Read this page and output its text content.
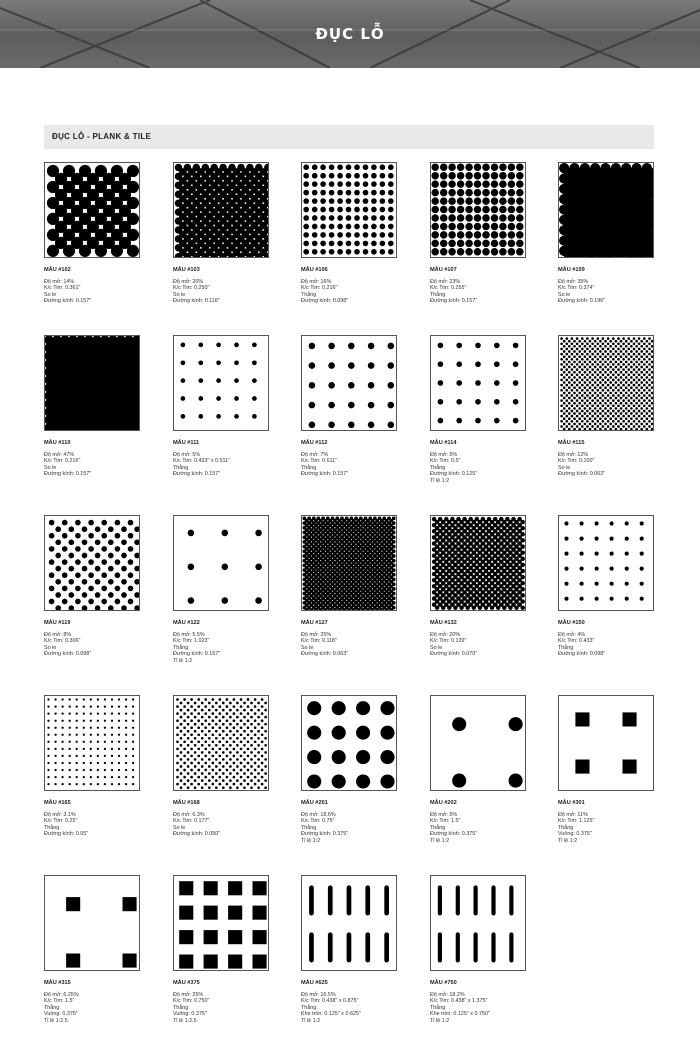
ĐỤC LỖ
ĐỤC LỖ - PLANK & TILE
MẪU #102
Độ mở: 14%
K/c Tim: 0.361"
So le
Đường kính: 0.157"
MẪU #103
Độ mở: 20%
K/c Tim: 0.250"
So le
Đường kính: 0.118"
MẪU #106
Độ mở: 16%
K/c Tim: 0.216"
Thẳng
Đường kính: 0.098"
MẪU #107
Độ mở: 23%
K/c Tim: 0.255"
Thẳng
Đường kính: 0.157"
MẪU #109
Độ mở: 35%
K/c Tim: 0.374"
So le
Đường kính: 0.196"
MẪU #110
Độ mở: 47%
K/c Tim: 0.216"
So le
Đường kính: 0.157"
MẪU #111
Độ mở: 5%
K/c Tim: 0.433" x 0.511"
Thẳng
Đường kính: 0.157"
MẪU #112
Độ mở: 7%
K/c Tim: 0.611"
Thẳng
Đường kính: 0.157"
MẪU #114
Độ mở: 5%
K/c Tim: 0.5"
Thẳng
Đường kính: 0.125"
Tỉ lệ 1:2
MẪU #115
Độ mở: 12%
K/c Tim: 0.100"
So le
Đường kính: 0.063"
MẪU #119
Độ mở: 8%
K/c Tim: 0.306"
So le
Đường kính: 0.098"
MẪU #122
Độ mở: 5.5%
K/c Tim: 1.023"
Thẳng
Đường kính: 0.157"
Tỉ lệ 1:2
MẪU #127
Độ mở: 25%
K/c Tim: 0.118"
So le
Đường kính: 0.063"
MẪU #132
Độ mở: 20%
K/c Tim: 0.139"
So le
Đường kính: 0.070"
MẪU #150
Độ mở: 4%
K/c Tim: 0.433"
Thẳng
Đường kính: 0.098"
MẪU #165
Độ mở: 3.1%
K/c Tim: 0.25"
Thẳng
Đường kính: 0.05"
MẪU #168
Độ mở: 6.3%
K/c Tim: 0.177"
So le
Đường kính: 0.050"
MẪU #201
Độ mở: 18.6%
K/c Tim: 0.75"
Thẳng
Đường kính: 0.375"
Tỉ lệ 1:2
MẪU #202
Độ mở: 5%
K/c Tim: 1.5"
Thẳng
Đường kính: 0.375"
Tỉ lệ 1:2
MẪU #301
Độ mở: 11%
K/c Tim: 1.125"
Thẳng
Vuông: 0.375"
Tỉ lệ 1:2
MẪU #315
Độ mở: 6.25%
K/c Tim: 1.5"
Thẳng
Vuông: 0.375"
Tỉ lệ 1:2.5
MẪU #375
Độ mở: 25%
K/c Tim: 0.750"
Thẳng
Vuông: 0.375"
Tỉ lệ 1:2.5
MẪU #625
Độ mở: 16.5%
K/c Tim: 0.438" x 0.875"
Thẳng
Khe tròn: 0.125" x 0.625"
Tỉ lệ 1:2
MẪU #750
Độ mở: 18.2%
K/c Tim: 0.438" x 1.375"
Thẳng
Khe tròn: 0.125" x 0.750"
Tỉ lệ 1:2
